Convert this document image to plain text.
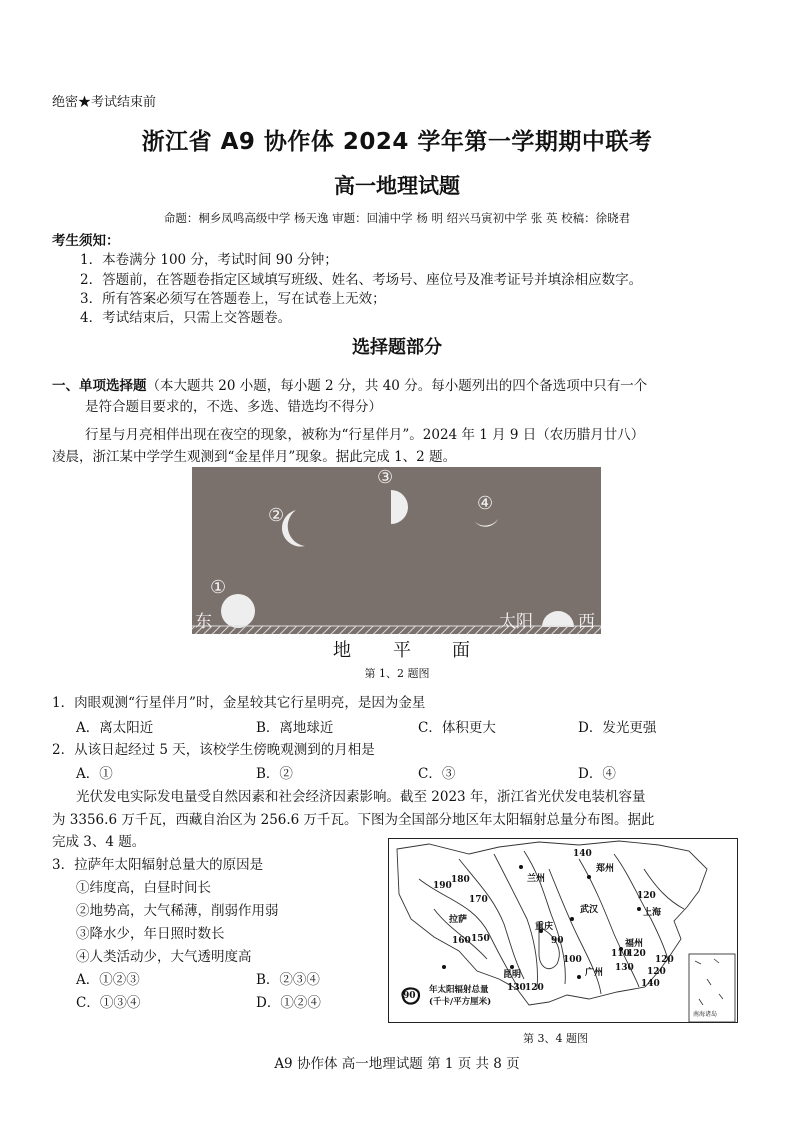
绝密★考试结束前
浙江省 A9 协作体 2024 学年第一学期期中联考
高一地理试题
命题：桐乡凤鸣高级中学 杨天逸 审题：回浦中学 杨 明 绍兴马寅初中学 张 英 校稿：徐晓君
考生须知：
1．本卷满分 100 分，考试时间 90 分钟；
2．答题前，在答题卷指定区域填写班级、姓名、考场号、座位号及准考证号并填涂相应数字。
3．所有答案必须写在答题卷上，写在试卷上无效；
4．考试结束后，只需上交答题卷。
选择题部分
一、单项选择题（本大题共 20 小题，每小题 2 分，共 40 分。每小题列出的四个备选项中只有一个
是符合题目要求的，不选、多选、错选均不得分）
行星与月亮相伴出现在夜空的现象，被称为“行星伴月”。2024 年 1 月 9 日（农历腊月廿八）
凌晨，浙江某中学学生观测到“金星伴月”现象。据此完成 1、2 题。
①
②
③
④
东	太阳	西
地 平 面
第 1、2 题图
1．肉眼观测“行星伴月”时，金星较其它行星明亮，是因为金星
A．离太阳近	B．离地球近	C．体积更大	D．发光更强
2．从该日起经过 5 天，该校学生傍晚观测到的月相是
A．①	B．②	C．③	D．④
光伏发电实际发电量受自然因素和社会经济因素影响。截至 2023 年，浙江省光伏发电装机容量
为 3356.6 万千瓦，西藏自治区为 256.6 万千瓦。下图为全国部分地区年太阳辐射总量分布图。据此
完成 3、4 题。
3．拉萨年太阳辐射总量大的原因是
①纬度高，白昼时间长
②地势高，大气稀薄，削弱作用弱
③降水少，年日照时数长
④人类活动少，大气透明度高
A．①②③	B．②③④
C．①③④	D．①②④
140
兰州
郑州
190
180
170	120
武汉	上海
拉萨
160 150
重庆
90	福州
110
120
广州
昆明
130 120
120
140
130
120
100
90
年太阳辐射总量
(千卡/平方厘米)
南海诸岛
第 3、4 题图
A9 协作体 高一地理试题 第 1 页 共 8 页
